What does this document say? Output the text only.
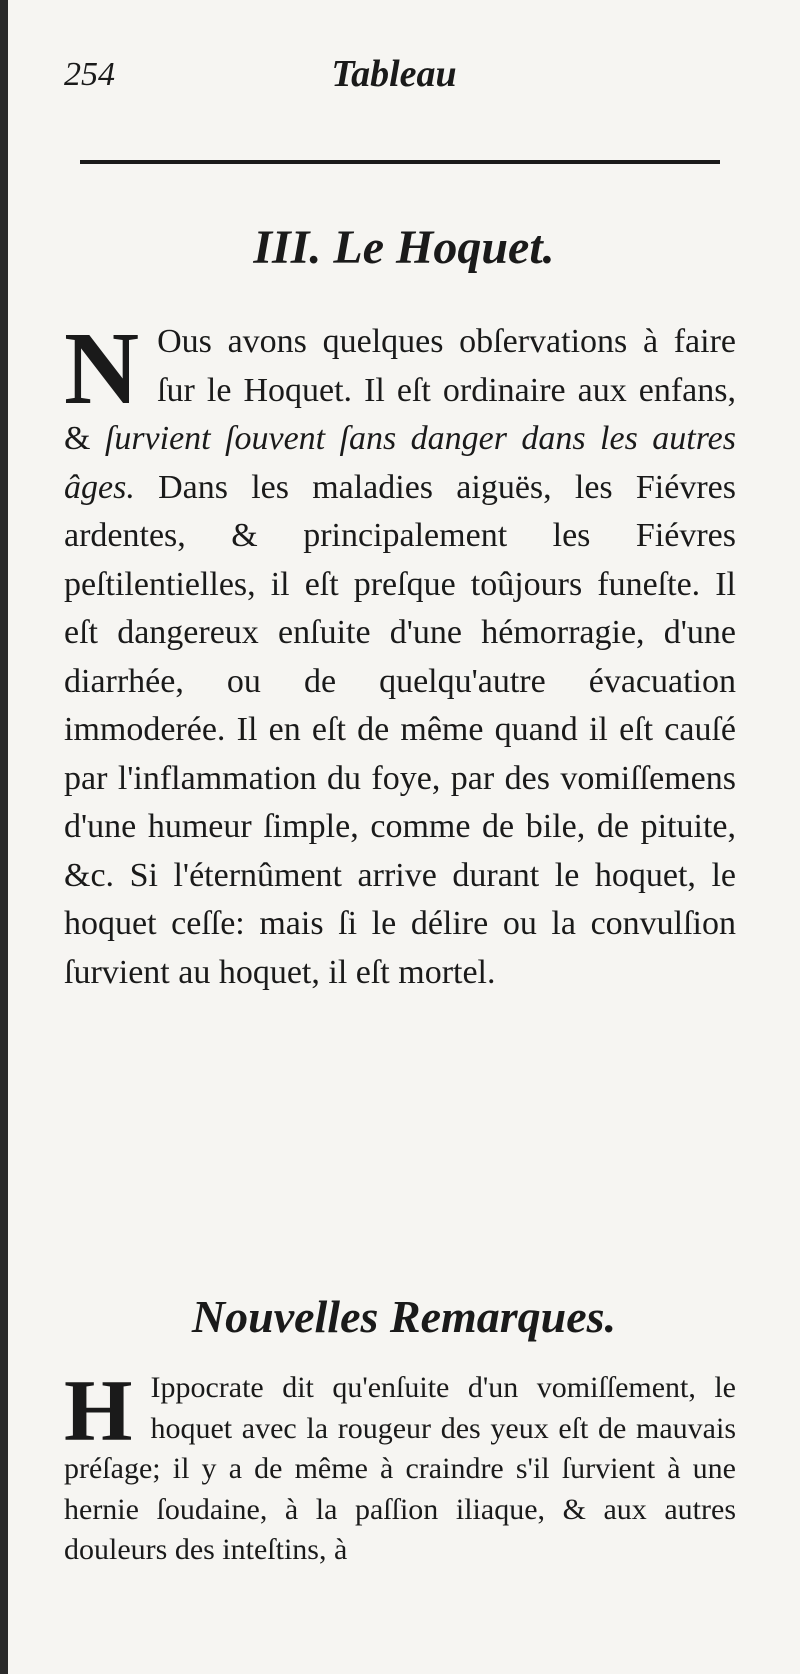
254	Tableau
III. Le Hoquet.
N Ous avons quelques obſervations à faire ſur le Hoquet. Il eſt ordinaire aux enfans, & ſurvient ſouvent ſans danger dans les autres âges. Dans les maladies aiguës, les Fiévres ardentes, & principalement les Fiévres peſtilentielles, il eſt preſque toûjours funeſte. Il eſt dangereux enſuite d'une hémorragie, d'une diarrhée, ou de quelqu'autre évacuation immoderée. Il en eſt de même quand il eſt cauſé par l'inflammation du foye, par des vomiſſemens d'une humeur ſimple, comme de bile, de pituite, &c. Si l'éternûment arrive durant le hoquet, le hoquet ceſſe: mais ſi le délire ou la convulſion ſurvient au hoquet, il eſt mortel.
Nouvelles Remarques.
H Ippocrate dit qu'enſuite d'un vomiſſement, le hoquet avec la rougeur des yeux eſt de mauvais préſage; il y a de même à craindre s'il ſurvient à une hernie ſoudaine, à la paſſion iliaque, & aux autres douleurs des inteſtins, à
